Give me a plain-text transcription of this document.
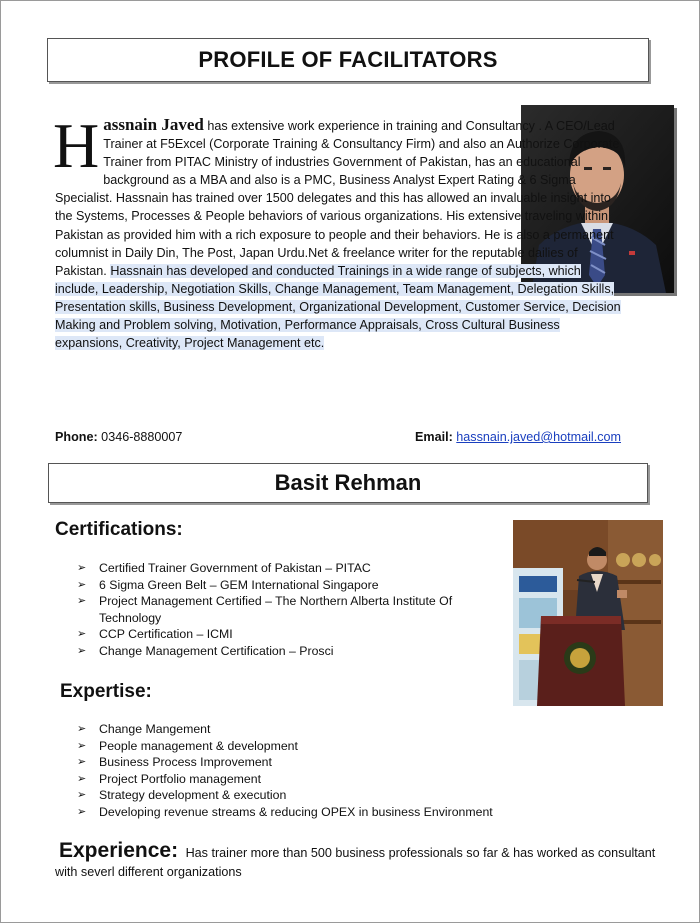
PROFILE OF FACILITATORS
H assnain Javed has extensive work experience in training and Consultancy . A CEO/Lead Trainer at F5Excel (Corporate Training & Consultancy Firm) and also an Authorize Corporate Trainer from PITAC Ministry of industries Government of Pakistan, has an educational background as a MBA and also is a PMC, Business Analyst Expert Rating & 6 Sigma Specialist. Hassnain has trained over 1500 delegates and this has allowed an invaluable insight into the Systems, Processes & People behaviors of various organizations. His extensive traveling within Pakistan as provided him with a rich exposure to people and their behaviors. He is also a permanent columnist in Daily Din, The Post, Japan Urdu.Net & freelance writer for the reputable dailies of Pakistan. Hassnain has developed and conducted Trainings in a wide range of subjects, which include, Leadership, Negotiation Skills, Change Management, Team Management, Delegation Skills, Presentation skills, Business Development, Organizational Development, Customer Service, Decision Making and Problem solving, Motivation, Performance Appraisals, Cross Cultural Business expansions, Creativity, Project Management etc.
Phone: 0346-8880007	Email: hassnain.javed@hotmail.com
Basit Rehman
Certifications:
➢ Certified Trainer Government of Pakistan – PITAC
➢ 6 Sigma Green Belt – GEM International Singapore
➢ Project Management Certified – The Northern Alberta Institute Of Technology
➢ CCP Certification – ICMI
➢ Change Management Certification – Prosci
Expertise:
➢ Change Mangement
➢ People management & development
➢ Business Process Improvement
➢ Project Portfolio management
➢ Strategy development & execution
➢ Developing revenue streams & reducing OPEX in business Environment
Experience: Has trainer more than 500 business professionals so far & has worked as consultant with severl different organizations
